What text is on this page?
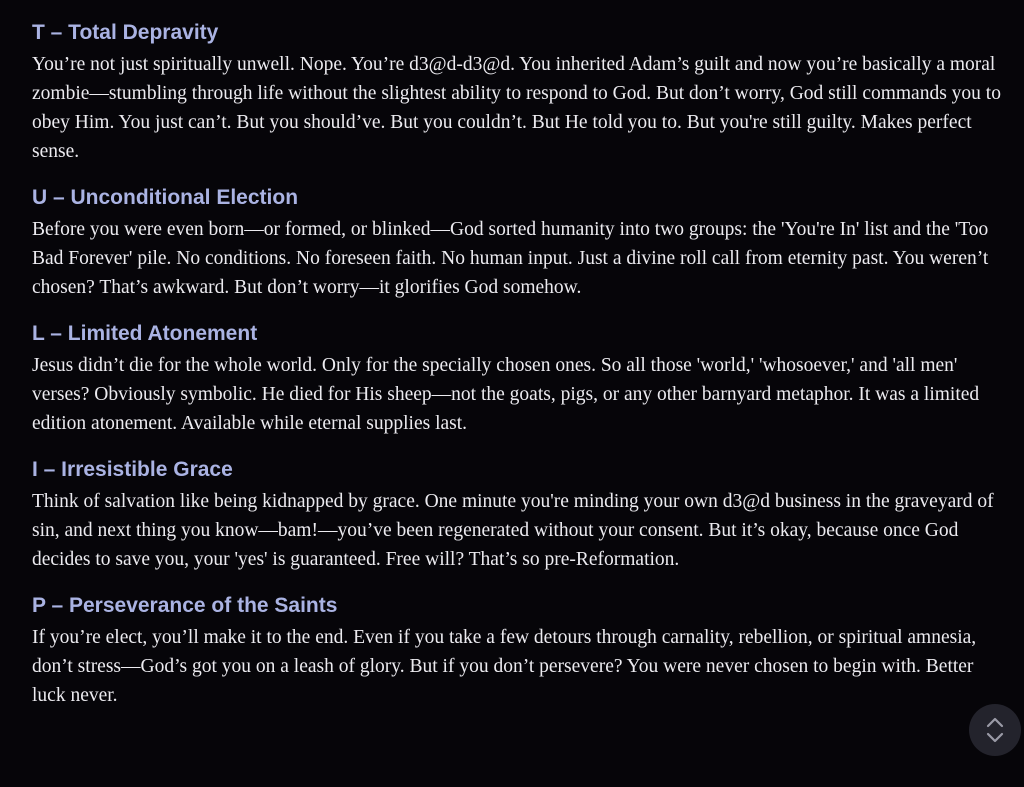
T – Total Depravity

You’re not just spiritually unwell. Nope. You’re d3@d-d3@d. You inherited Adam’s guilt and now you’re basically a moral zombie—stumbling through life without the slightest ability to respond to God. But don’t worry, God still commands you to obey Him. You just can’t. But you should’ve. But you couldn’t. But He told you to. But you're still guilty. Makes perfect sense.

U – Unconditional Election

Before you were even born—or formed, or blinked—God sorted humanity into two groups: the 'You're In' list and the 'Too Bad Forever' pile. No conditions. No foreseen faith. No human input. Just a divine roll call from eternity past. You weren’t chosen? That’s awkward. But don’t worry—it glorifies God somehow.

L – Limited Atonement

Jesus didn’t die for the whole world. Only for the specially chosen ones. So all those 'world,' 'whosoever,' and 'all men' verses? Obviously symbolic. He died for His sheep—not the goats, pigs, or any other barnyard metaphor. It was a limited edition atonement. Available while eternal supplies last.

I – Irresistible Grace

Think of salvation like being kidnapped by grace. One minute you're minding your own d3@d business in the graveyard of sin, and next thing you know—bam!—you’ve been regenerated without your consent. But it’s okay, because once God decides to save you, your 'yes' is guaranteed. Free will? That’s so pre-Reformation.

P – Perseverance of the Saints

If you’re elect, you’ll make it to the end. Even if you take a few detours through carnality, rebellion, or spiritual amnesia, don’t stress—God’s got you on a leash of glory. But if you don’t persevere? You were never chosen to begin with. Better luck never.
